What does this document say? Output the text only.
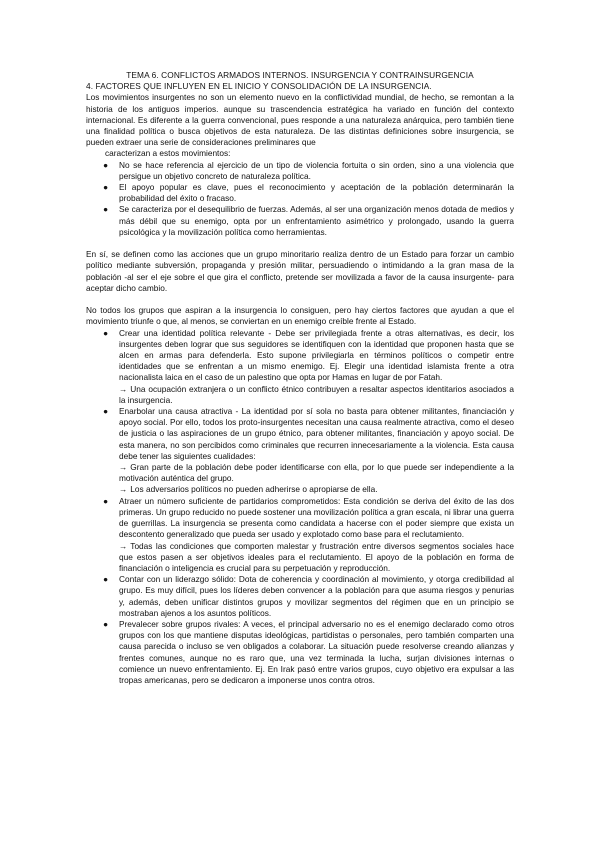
TEMA 6. CONFLICTOS ARMADOS INTERNOS. INSURGENCIA Y CONTRAINSURGENCIA

4. FACTORES QUE INFLUYEN EN EL INICIO Y CONSOLIDACIÓN DE LA INSURGENCIA.

Los movimientos insurgentes no son un elemento nuevo en la conflictividad mundial, de hecho, se remontan a la historia de los antiguos imperios. aunque su trascendencia estratégica ha variado en función del contexto internacional. Es diferente a la guerra convencional, pues responde a una naturaleza anárquica, pero también tiene una finalidad política o busca objetivos de esta naturaleza. De las distintas definiciones sobre insurgencia, se pueden extraer una serie de consideraciones preliminares que

caracterizan a estos movimientos:

● No se hace referencia al ejercicio de un tipo de violencia fortuita o sin orden, sino a una violencia que persigue un objetivo concreto de naturaleza política.
● El apoyo popular es clave, pues el reconocimiento y aceptación de la población determinarán la probabilidad del éxito o fracaso.
● Se caracteriza por el desequilibrio de fuerzas. Además, al ser una organización menos dotada de medios y más débil que su enemigo, opta por un enfrentamiento asimétrico y prolongado, usando la guerra psicológica y la movilización política como herramientas.

En sí, se definen como las acciones que un grupo minoritario realiza dentro de un Estado para forzar un cambio político mediante subversión, propaganda y presión militar, persuadiendo o intimidando a la gran masa de la población -al ser el eje sobre el que gira el conflicto, pretende ser movilizada a favor de la causa insurgente- para aceptar dicho cambio.

No todos los grupos que aspiran a la insurgencia lo consiguen, pero hay ciertos factores que ayudan a que el movimiento triunfe o que, al menos, se conviertan en un enemigo creíble frente al Estado.

● Crear una identidad política relevante - Debe ser privilegiada frente a otras alternativas, es decir, los insurgentes deben lograr que sus seguidores se identifiquen con la identidad que proponen hasta que se alcen en armas para defenderla. Esto supone privilegiarla en términos políticos o competir entre identidades que se enfrentan a un mismo enemigo. Ej. Elegir una identidad islamista frente a otra nacionalista laica en el caso de un palestino que opta por Hamas en lugar de por Fatah.
→ Una ocupación extranjera o un conflicto étnico contribuyen a resaltar aspectos identitarios asociados a la insurgencia.
● Enarbolar una causa atractiva - La identidad por sí sola no basta para obtener militantes, financiación y apoyo social. Por ello, todos los proto-insurgentes necesitan una causa realmente atractiva, como el deseo de justicia o las aspiraciones de un grupo étnico, para obtener militantes, financiación y apoyo social. De esta manera, no son percibidos como criminales que recurren innecesariamente a la violencia. Esta causa debe tener las siguientes cualidades:
→ Gran parte de la población debe poder identificarse con ella, por lo que puede ser independiente a la motivación auténtica del grupo.
→ Los adversarios políticos no pueden adherirse o apropiarse de ella.
● Atraer un número suficiente de partidarios comprometidos: Esta condición se deriva del éxito de las dos primeras. Un grupo reducido no puede sostener una movilización política a gran escala, ni librar una guerra de guerrillas. La insurgencia se presenta como candidata a hacerse con el poder siempre que exista un descontento generalizado que pueda ser usado y explotado como base para el reclutamiento.
→ Todas las condiciones que comporten malestar y frustración entre diversos segmentos sociales hace que estos pasen a ser objetivos ideales para el reclutamiento. El apoyo de la población en forma de financiación o inteligencia es crucial para su perpetuación y reproducción.
● Contar con un liderazgo sólido: Dota de coherencia y coordinación al movimiento, y otorga credibilidad al grupo. Es muy difícil, pues los líderes deben convencer a la población para que asuma riesgos y penurias y, además, deben unificar distintos grupos y movilizar segmentos del régimen que en un principio se mostraban ajenos a los asuntos políticos.
● Prevalecer sobre grupos rivales: A veces, el principal adversario no es el enemigo declarado como otros grupos con los que mantiene disputas ideológicas, partidistas o personales, pero también comparten una causa parecida o incluso se ven obligados a colaborar. La situación puede resolverse creando alianzas y frentes comunes, aunque no es raro que, una vez terminada la lucha, surjan divisiones internas o comience un nuevo enfrentamiento. Ej. En Irak pasó entre varios grupos, cuyo objetivo era expulsar a las tropas americanas, pero se dedicaron a imponerse unos contra otros.
